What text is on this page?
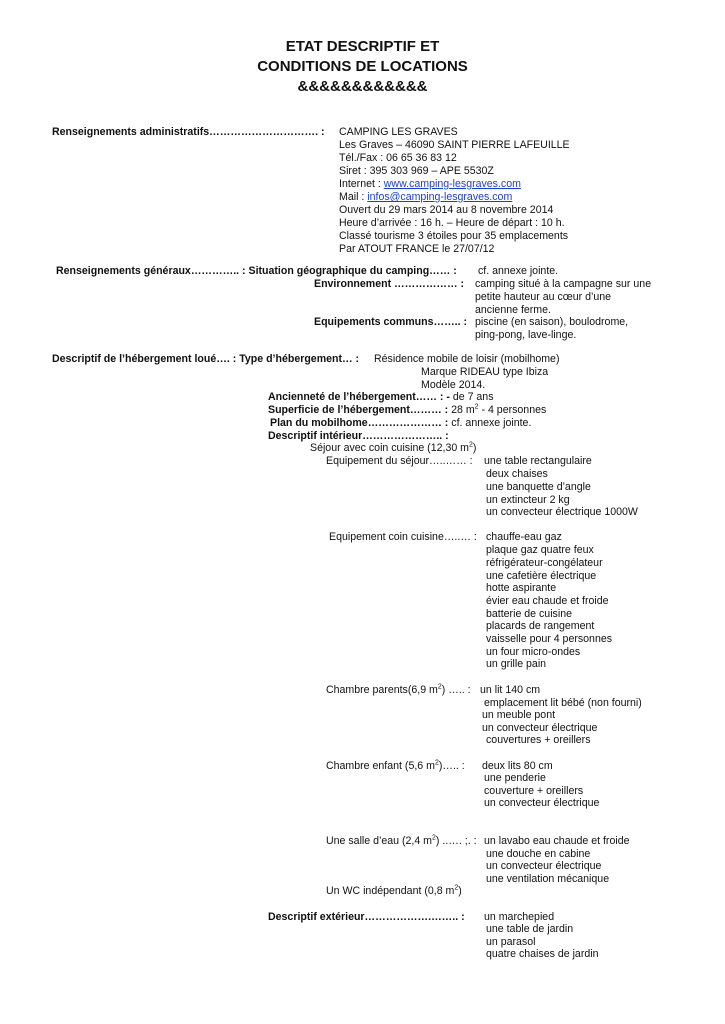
ETAT DESCRIPTIF ET
CONDITIONS DE LOCATIONS
&&&&&&&&&&&&
Renseignements administratifs…………………………. : CAMPING LES GRAVES
Les Graves – 46090 SAINT PIERRE LAFEUILLE
Tél./Fax : 06 65 36 83 12
Siret : 395 303 969 – APE 5530Z
Internet : www.camping-lesgraves.com
Mail : infos@camping-lesgraves.com
Ouvert du 29 mars 2014 au 8 novembre 2014
Heure d’arrivée : 16 h. – Heure de départ : 10 h.
Classé tourisme 3 étoiles pour 35 emplacements
Par ATOUT FRANCE le 27/07/12
Renseignements généraux………….. : Situation géographique du camping…… : cf. annexe jointe.
Environnement ……………… : camping situé à la campagne sur une
petite hauteur au cœur d’une
ancienne ferme.
Equipements communs…….. : piscine (en saison), boulodrome,
ping-pong, lave-linge.
Descriptif de l’hébergement loué…. : Type d’hébergement… : Résidence mobile de loisir (mobilhome)
Marque RIDEAU type Ibiza
Modèle 2014.
Ancienneté de l’hébergement…… : - de 7 ans
Superficie de l’hébergement……… : 28 $m^2 - 4$ personnes
Plan du mobilhome………………… : cf. annexe jointe.
Descriptif intérieur………………….. :
Séjour avec coin cuisine (12,30 $m^2$)
Equipement du séjour…..…… : une table rectangulaire
deux chaises
une banquette d’angle
un extincteur 2 kg
un convecteur électrique 1000W
Equipement coin cuisine…..… : chauffe-eau gaz
plaque gaz quatre feux
réfrigérateur-congélateur
une cafetière électrique
hotte aspirante
évier eau chaude et froide
batterie de cuisine
placards de rangement
vaisselle pour 4 personnes
un four micro-ondes
un grille pain
Chambre parents(6,9 $m^2$) ….. : un lit 140 cm
emplacement lit bébé (non fourni)
un meuble pont
un convecteur électrique
couvertures + oreillers
Chambre enfant (5,6 $m^2)\dots$.. : deux lits 80 cm
une penderie
couverture + oreillers
un convecteur électrique
Une salle d’eau (2,4 $m^2$) ..…. ;. : un lavabo eau chaude et froide
une douche en cabine
un convecteur électrique
une ventilation mécanique
Un WC indépendant (0,8 $m^2$)
Descriptif extérieur……………….…….. : un marchepied
une table de jardin
un parasol
quatre chaises de jardin
